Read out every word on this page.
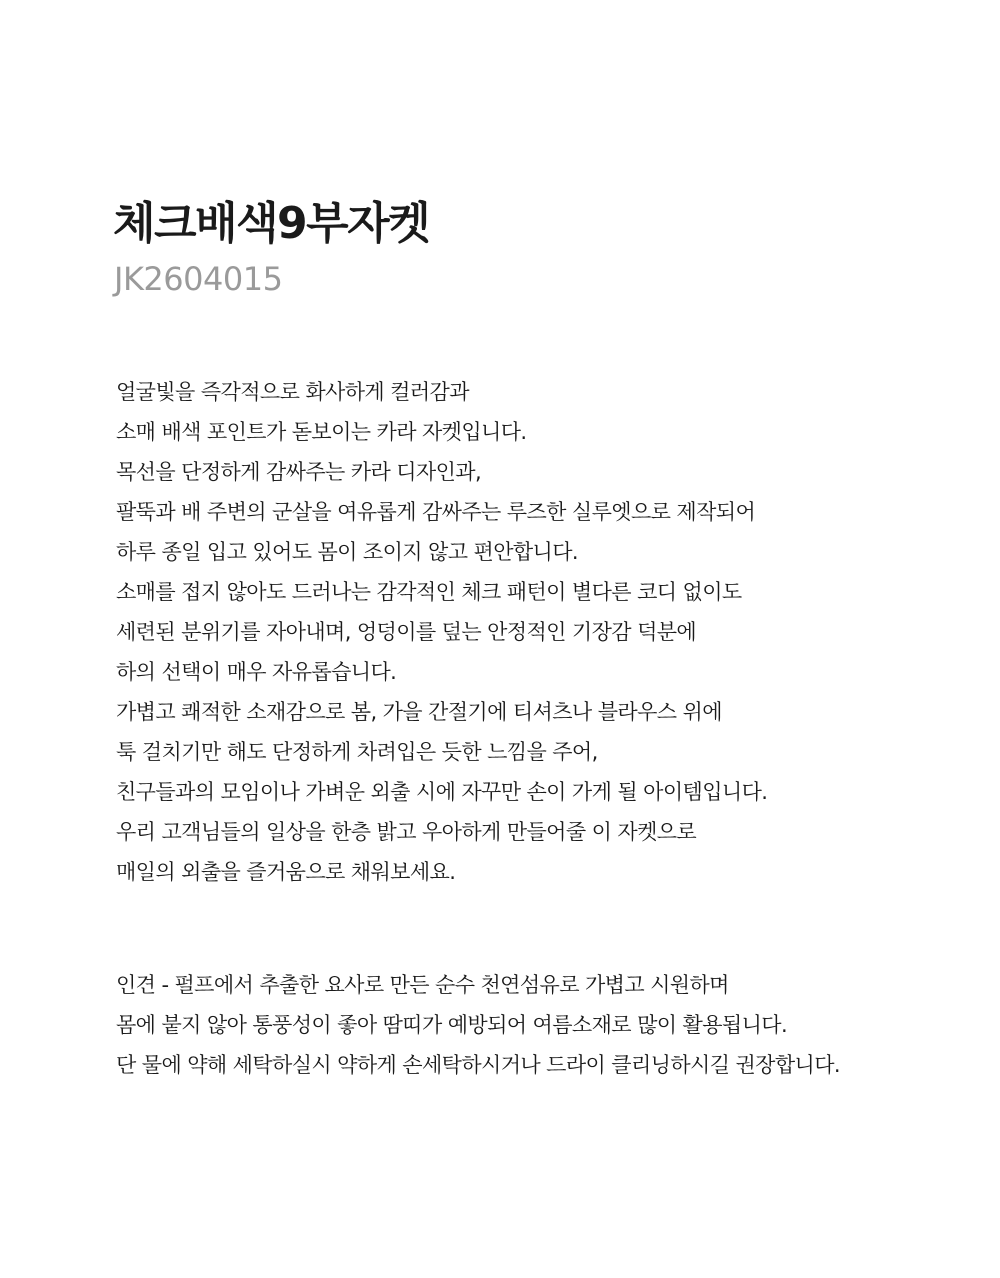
체크배색9부자켓

JK2604015

얼굴빛을 즉각적으로 화사하게 컬러감과
소매 배색 포인트가 돋보이는 카라 자켓입니다.
목선을 단정하게 감싸주는 카라 디자인과,
팔뚝과 배 주변의 군살을 여유롭게 감싸주는 루즈한 실루엣으로 제작되어
하루 종일 입고 있어도 몸이 조이지 않고 편안합니다.
소매를 접지 않아도 드러나는 감각적인 체크 패턴이 별다른 코디 없이도
세련된 분위기를 자아내며, 엉덩이를 덮는 안정적인 기장감 덕분에
하의 선택이 매우 자유롭습니다.
가볍고 쾌적한 소재감으로 봄, 가을 간절기에 티셔츠나 블라우스 위에
툭 걸치기만 해도 단정하게 차려입은 듯한 느낌을 주어,
친구들과의 모임이나 가벼운 외출 시에 자꾸만 손이 가게 될 아이템입니다.
우리 고객님들의 일상을 한층 밝고 우아하게 만들어줄 이 자켓으로
매일의 외출을 즐거움으로 채워보세요.
인견 - 펄프에서 추출한 요사로 만든 순수 천연섬유로 가볍고 시원하며
몸에 붙지 않아 통풍성이 좋아 땀띠가 예방되어 여름소재로 많이 활용됩니다.
단 물에 약해 세탁하실시 약하게 손세탁하시거나 드라이 클리닝하시길 권장합니다.
